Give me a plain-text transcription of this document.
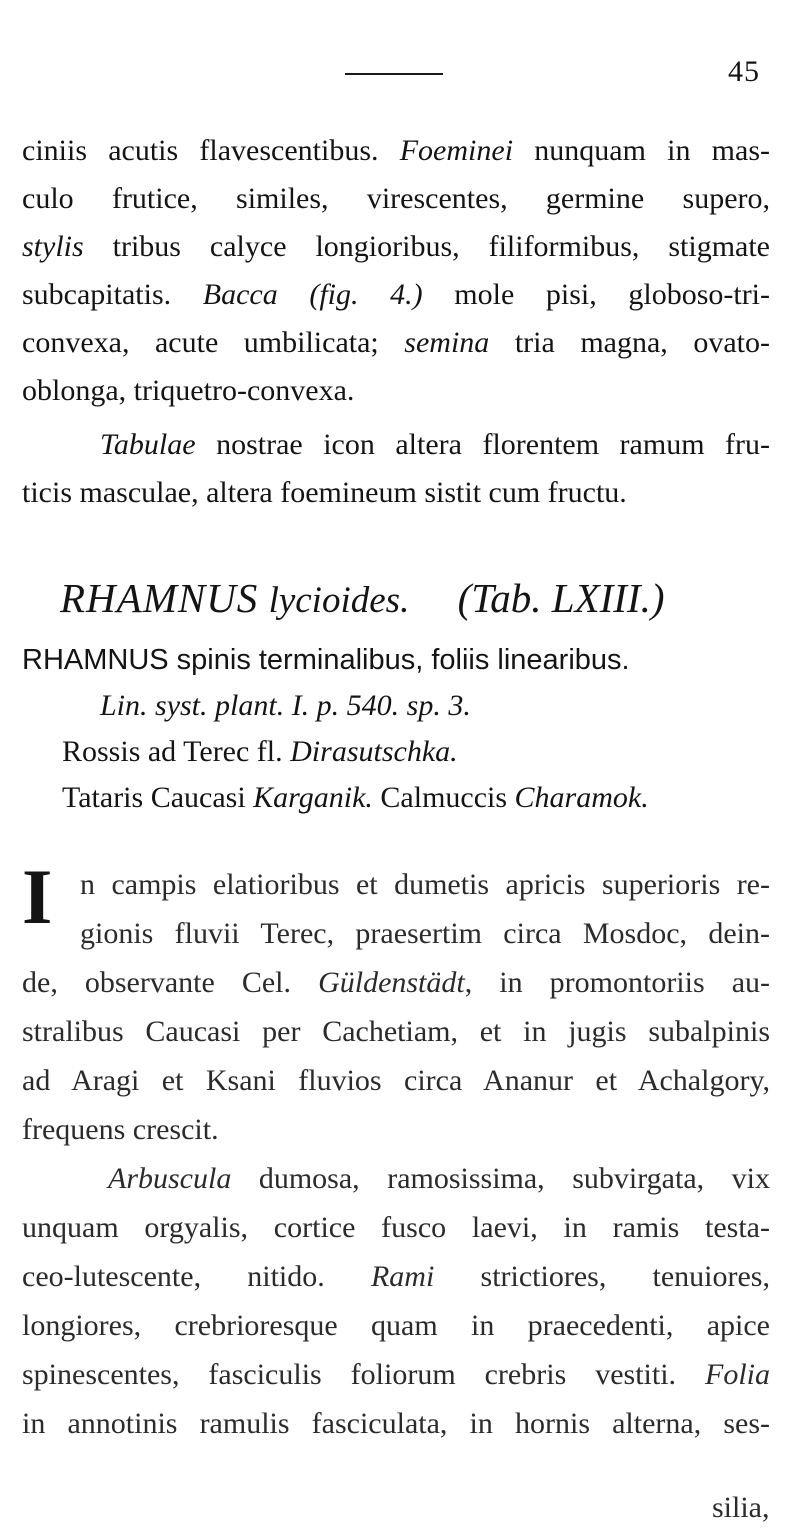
45
ciniis acutis flavescentibus. Foeminei nunquam in mas-
culo frutice, similes, virescentes, germine supero,
stylis tribus calyce longioribus, filiformibus, stigmate
subcapitatis. Bacca (fig. 4.) mole pisi, globoso-tri-
convexa, acute umbilicata; semina tria magna, ovato-
oblonga, triquetro-convexa.
Tabulae nostrae icon altera florentem ramum fru-
ticis masculae, altera foemineum sistit cum fructu.
RHAMNUS lycioides. (Tab. LXIII.)
RHAMNUS spinis terminalibus, foliis linearibus.
Lin. syst. plant. I. p. 540. sp. 3.
Rossis ad Terec fl. Dirasutschka.
Tataris Caucasi Karganik. Calmuccis Charamok.
I n campis elatioribus et dumetis apricis superioris re-
gionis fluvii Terec, praesertim circa Mosdoc, dein-
de, observante Cel. Güldenstädt, in promontoriis au-
stralibus Caucasi per Cachetiam, et in jugis subalpinis
ad Aragi et Ksani fluvios circa Ananur et Achalgory,
frequens crescit.
Arbuscula dumosa, ramosissima, subvirgata, vix
unquam orgyalis, cortice fusco laevi, in ramis testa-
ceo-lutescente, nitido. Rami strictiores, tenuiores,
longiores, crebrioresque quam in praecedenti, apice
spinescentes, fasciculis foliorum crebris vestiti. Folia
in annotinis ramulis fasciculata, in hornis alterna, ses-
silia,
